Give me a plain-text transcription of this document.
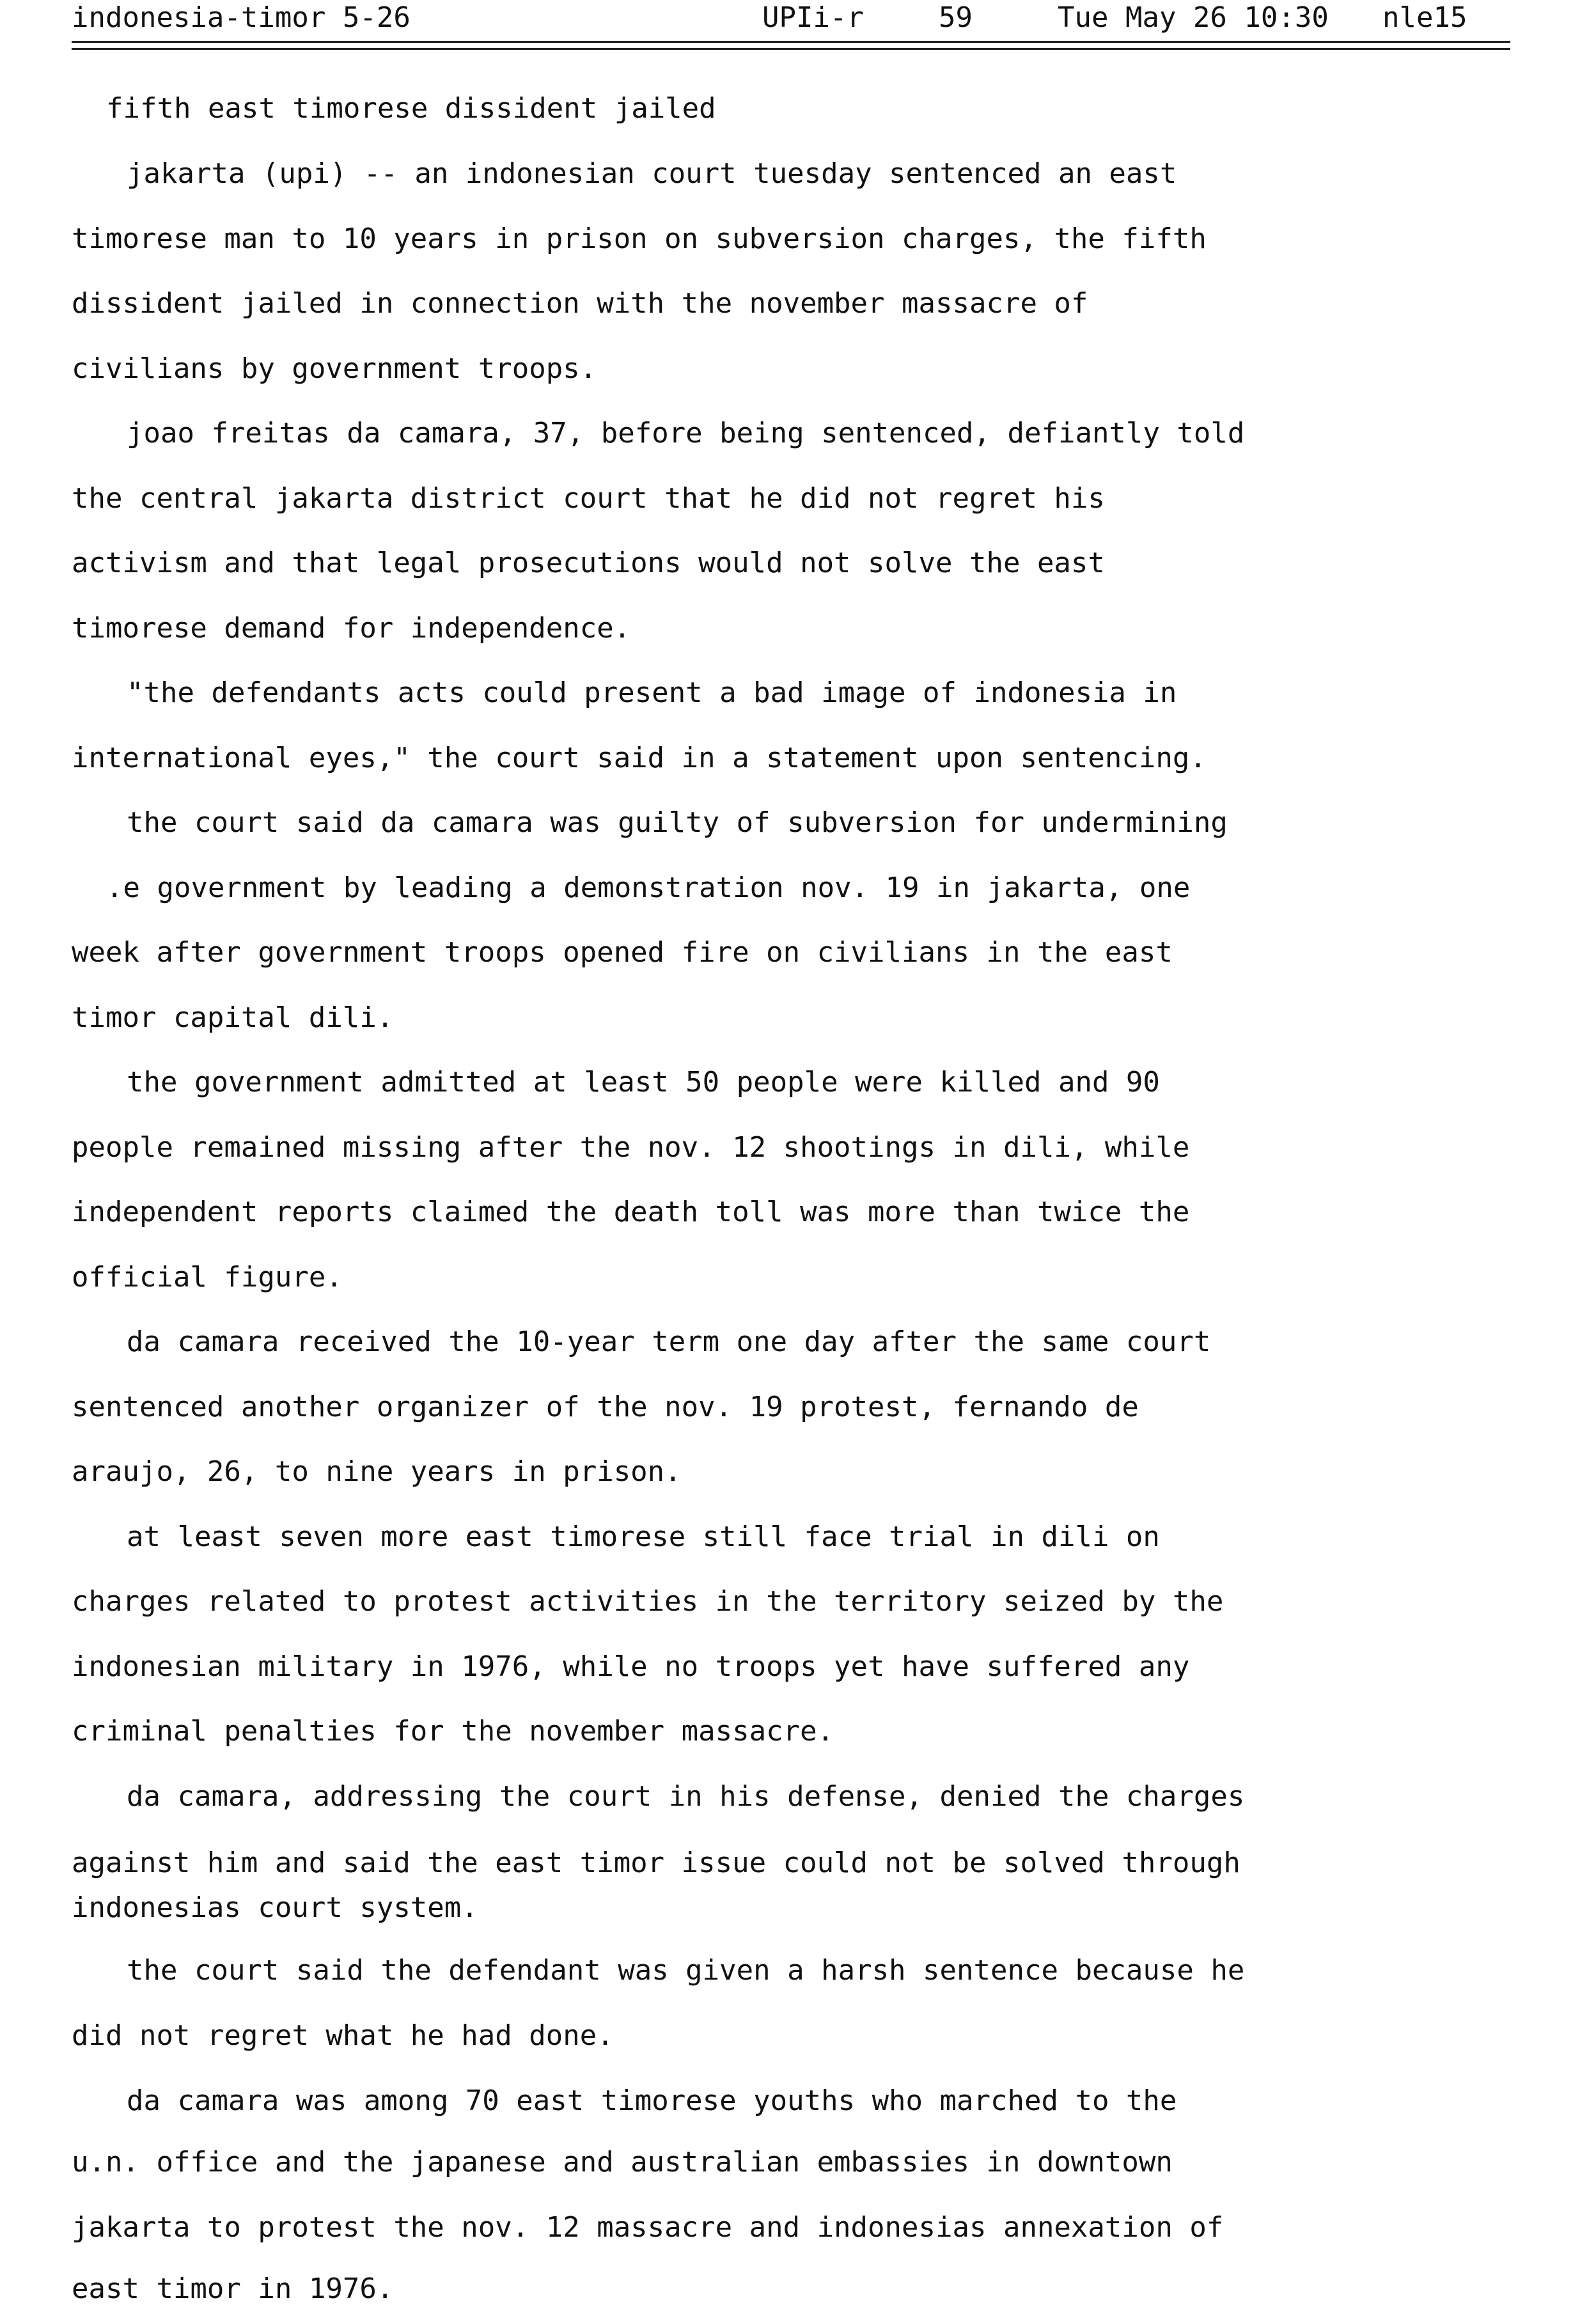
indonesia-timor 5-26

	UPIi-r

	59

	Tue May 26 10:30

nle15

fifth east timorese dissident jailed
jakarta (upi) -- an indonesian court tuesday sentenced an east
timorese man to 10 years in prison on subversion charges, the fifth
dissident jailed in connection with the november massacre of
civilians by government troops.
joao freitas da camara, 37, before being sentenced, defiantly told
the central jakarta district court that he did not regret his
activism and that legal prosecutions would not solve the east
timorese demand for independence.
"the defendants acts could present a bad image of indonesia in
international eyes," the court said in a statement upon sentencing.
the court said da camara was guilty of subversion for undermining
.e government by leading a demonstration nov. 19 in jakarta, one
week after government troops opened fire on civilians in the east
timor capital dili.
the government admitted at least 50 people were killed and 90
people remained missing after the nov. 12 shootings in dili, while
independent reports claimed the death toll was more than twice the
official figure.
da camara received the 10-year term one day after the same court
sentenced another organizer of the nov. 19 protest, fernando de
araujo, 26, to nine years in prison.
at least seven more east timorese still face trial in dili on
charges related to protest activities in the territory seized by the
indonesian military in 1976, while no troops yet have suffered any
criminal penalties for the november massacre.
da camara, addressing the court in his defense, denied the charges
against him and said the east timor issue could not be solved through
indonesias court system.
the court said the defendant was given a harsh sentence because he
did not regret what he had done.
da camara was among 70 east timorese youths who marched to the
u.n. office and the japanese and australian embassies in downtown
jakarta to protest the nov. 12 massacre and indonesias annexation of
east timor in 1976.
